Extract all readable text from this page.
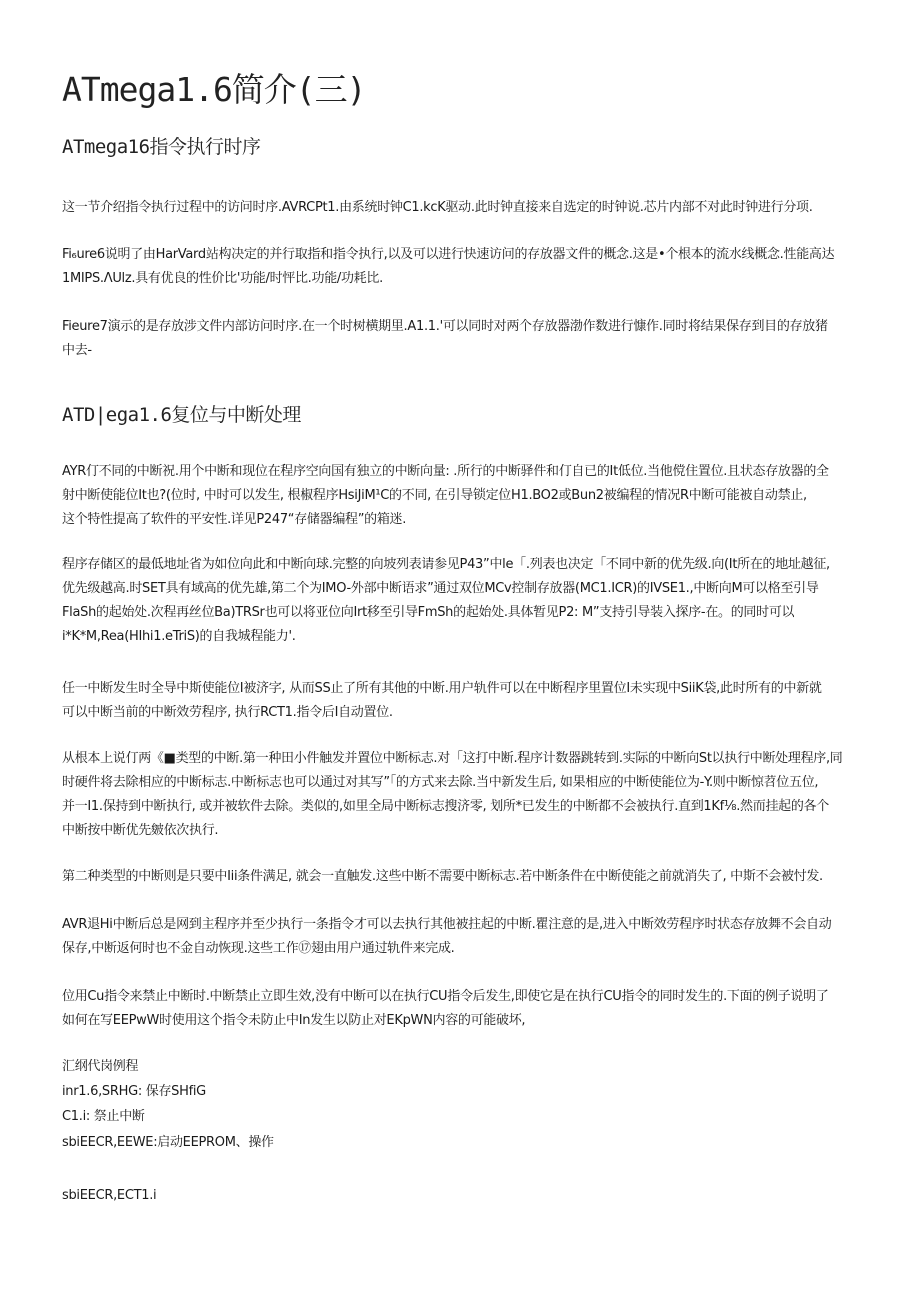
ATmega1.6简介(三)
ATmega16指令执行时序

这一节介绍指令执行过程中的访问时序.AVRCPt1.由系统时钟C1.kcK驱动.此时钟直接来自选定的时钟说.芯片内部不对此时钟进行分项.

Fi₆ure6说明了由HarVard站构决定的并行取指和指令执行,以及可以进行快速访问的存放器文件的概念.这是•个根本的流水线概念.性能高达
1MIPS.ΛUlz.具有优良的性价比'功能/时怦比.功能/功耗比.

Fieure7演示的是存放涉文件内部访问时序.在一个时树横期里.A1.1.'可以同时对两个存放器渤作数进行慷作.同时将结果保存到目的存放猪
中去-

ATD∣ega1.6复位与中断处理

AYR仃不同的中断祝.用个中断和现位在程序空向国有独立的中断向量: .所行的中断驿件和仃自已的It低位.当他傥住置位.且状态存放器的全
射中断使能位It也?(位时, 中时可以发生, 根椒程序HsiJiM¹C的不同, 在引导锁定位H1.BO2或Bun2被编程的情况R中断可能被自动禁止,
这个特性提高了软件的平安性.详见P247“存储器编程”的箱迷.

程序存储区的最低地址省为如位向此和中断向球.完整的向坡列表请参见P43”中le「.列表也决定「不同中新的优先级.向(It所在的地址越征,
优先级越高.时SET具有域高的优先雄,第二个为IMO-外部中断语求”通过双位MCv控制存放器(MC1.ICR)的IVSE1.,中断向M可以格至引导
FlaSh的起始处.次程再丝位Ba)TRSr也可以将亚位向Irt移至引导FmSh的起始处.具体暂见P2: M”支持引导装入探序-在。的同时可以
i*K*M,Rea(HIhi1.eTriS)的自我城程能力'.

任一中断发生时全导中斯使能位I被济字, 从而SS止了所有其他的中断.用户轨件可以在中断程序里置位I未实现中SiiK袋,此时所有的中新就
可以中断当前的中断效劳程序, 执行RCT1.指令后I自动置位.

从根本上说仃两《■类型的中断.第一种田小件触发并置位中断标志.对「这打中断.程序计数器跳转到.实际的中断向St以执行中断处理程序,同
时硬件将去除相应的中断标志.中断标志也可以通过对其写”「的方式来去除.当中新发生后, 如果相应的中断使能位为-Y.则中断惊苕位五位,
并一I1.保持到中断执行, 或并被软件去除。类似的,如里全局中断标志搜济零, 划所*已发生的中断都不会被执行.直到1Kf⅛.然而挂起的各个
中断按中断优先皴依次执行.

第二种类型的中断则是只要中Iii条件满足, 就会一直触发.这些中断不需要中断标志.若中断条件在中断使能之前就消失了, 中斯不会被忖发.

AVR退Hi中断后总是网到主程序并至少执行一条指令才可以去执行其他被拄起的中断.瞿注意的是,进入中断效劳程序时状态存放舞不会自动
保存,中断返何时也不金自动恢现.这些工作⑰翅由用户通过轨件来完成.

位用Cu指令来禁止中断时.中断禁止立即生效,没有中断可以在执行CU指令后发生,即使它是在执行CU指令的同时发生的.下面的例子说明了
如何在写EEPwW时使用这个指令未防止中In发生以防止对EKpWN内容的可能破坏,

汇纲代岗例程
inr1.6,SRHG: 保存SHfiG
C1.i: 祭止中断
sbiEECR,EEWE:启动EEPROM、操作
sbiEECR,ECT1.i
